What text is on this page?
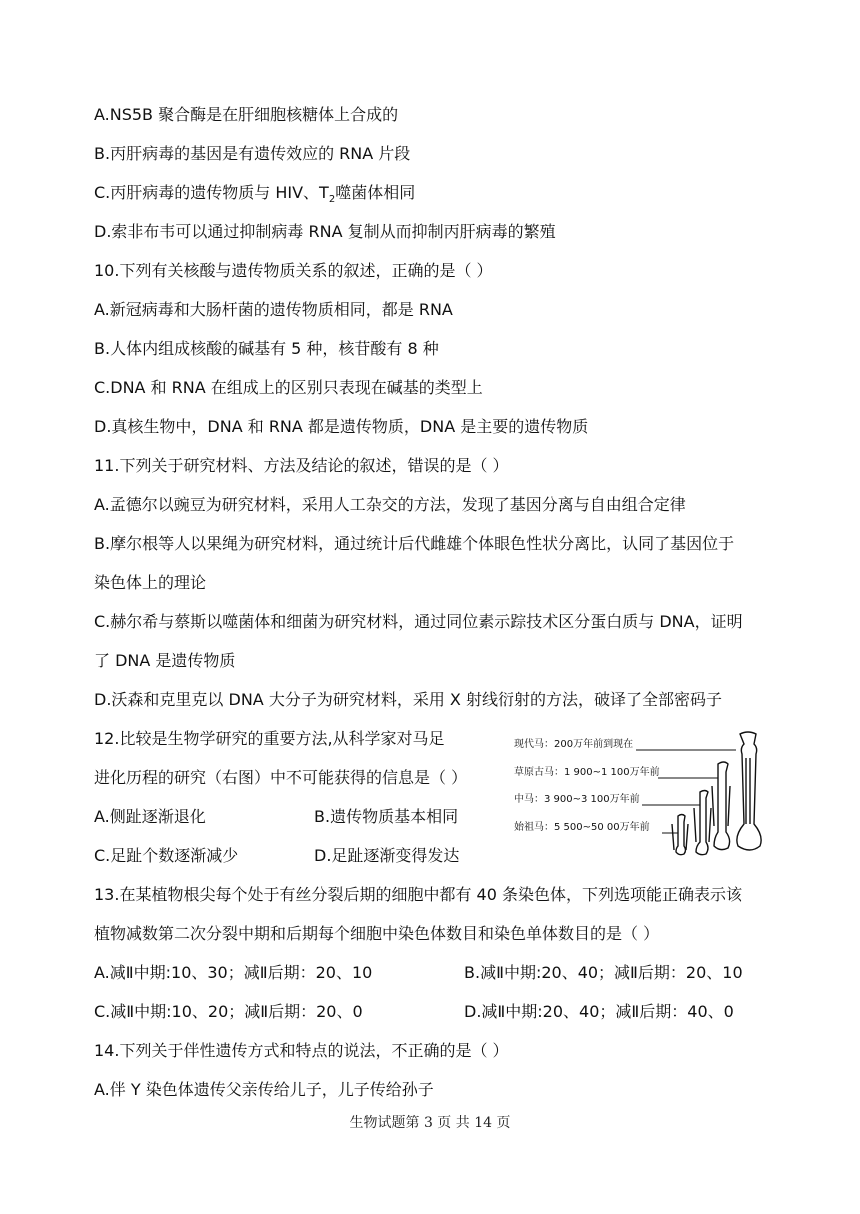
A.NS5B 聚合酶是在肝细胞核糖体上合成的
B.丙肝病毒的基因是有遗传效应的 RNA 片段
C.丙肝病毒的遗传物质与 HIV、$T_2$噬菌体相同
D.索非布韦可以通过抑制病毒 RNA 复制从而抑制丙肝病毒的繁殖
10.下列有关核酸与遗传物质关系的叙述，正确的是（ ）
A.新冠病毒和大肠杆菌的遗传物质相同，都是 RNA
B.人体内组成核酸的碱基有 5 种，核苷酸有 8 种
C.DNA 和 RNA 在组成上的区别只表现在碱基的类型上
D.真核生物中，DNA 和 RNA 都是遗传物质，DNA 是主要的遗传物质
11.下列关于研究材料、方法及结论的叙述，错误的是（ ）
A.孟德尔以豌豆为研究材料，采用人工杂交的方法，发现了基因分离与自由组合定律
B.摩尔根等人以果绳为研究材料，通过统计后代雌雄个体眼色性状分离比，认同了基因位于
染色体上的理论
C.赫尔希与蔡斯以噬菌体和细菌为研究材料，通过同位素示踪技术区分蛋白质与 DNA，证明
了 DNA 是遗传物质
D.沃森和克里克以 DNA 大分子为研究材料，采用 X 射线衍射的方法，破译了全部密码子
12.比较是生物学研究的重要方法,从科学家对马足
进化历程的研究（右图）中不可能获得的信息是（ ）
A.侧趾逐渐退化	B.遗传物质基本相同
C.足趾个数逐渐减少	D.足趾逐渐变得发达
13.在某植物根尖每个处于有丝分裂后期的细胞中都有 40 条染色体，下列选项能正确表示该
植物减数第二次分裂中期和后期每个细胞中染色体数目和染色单体数目的是（ ）
A.减Ⅱ中期:10、30；减Ⅱ后期：20、10	B.减Ⅱ中期:20、40；减Ⅱ后期：20、10
C.减Ⅱ中期:10、20；减Ⅱ后期：20、0	D.减Ⅱ中期:20、40；减Ⅱ后期：40、0
14.下列关于伴性遗传方式和特点的说法，不正确的是（ ）
A.伴 Y 染色体遗传父亲传给儿子，儿子传给孙子
现代马：200万年前到现在
草原古马：1 900~1 100万年前
中马：3 900~3 100万年前
始祖马：5 500~50 00万年前
生物试题第 3 页 共 14 页
